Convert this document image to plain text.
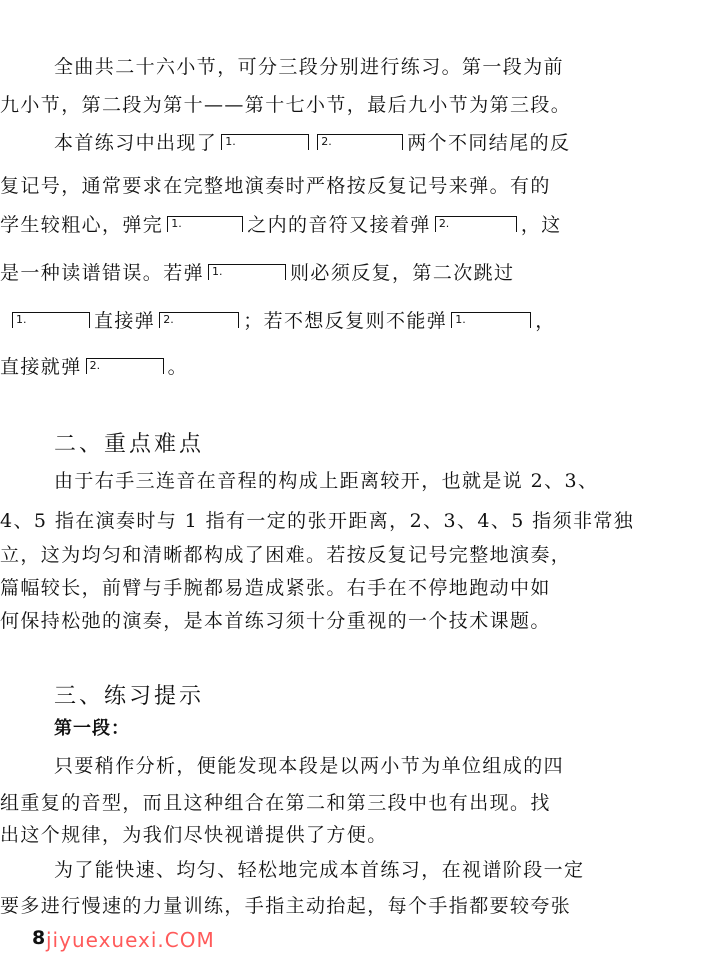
全曲共二十六小节，可分三段分别进行练习。第一段为前
九小节，第二段为第十——第十七小节，最后九小节为第三段。
本首练习中出现了 1.	2.	两个不同结尾的反
复记号，通常要求在完整地演奏时严格按反复记号来弹。有的
学生较粗心，弹完 1.	之内的音符又接着弹 2.	，这
是一种读谱错误。若弹 1.	则必须反复，第二次跳过
1.	直接弹 2.	；若不想反复则不能弹 1.	，
直接就弹 2.	。
二、重点难点
由于右手三连音在音程的构成上距离较开，也就是说 2、3、
4、5 指在演奏时与 1 指有一定的张开距离，2、3、4、5 指须非常独
立，这为均匀和清晰都构成了困难。若按反复记号完整地演奏，
篇幅较长，前臂与手腕都易造成紧张。右手在不停地跑动中如
何保持松弛的演奏，是本首练习须十分重视的一个技术课题。
三、练习提示
第一段：
只要稍作分析，便能发现本段是以两小节为单位组成的四
组重复的音型，而且这种组合在第二和第三段中也有出现。找
出这个规律，为我们尽快视谱提供了方便。
为了能快速、均匀、轻松地完成本首练习，在视谱阶段一定
要多进行慢速的力量训练，手指主动抬起，每个手指都要较夸张
8 jiyuexuexi.COM
